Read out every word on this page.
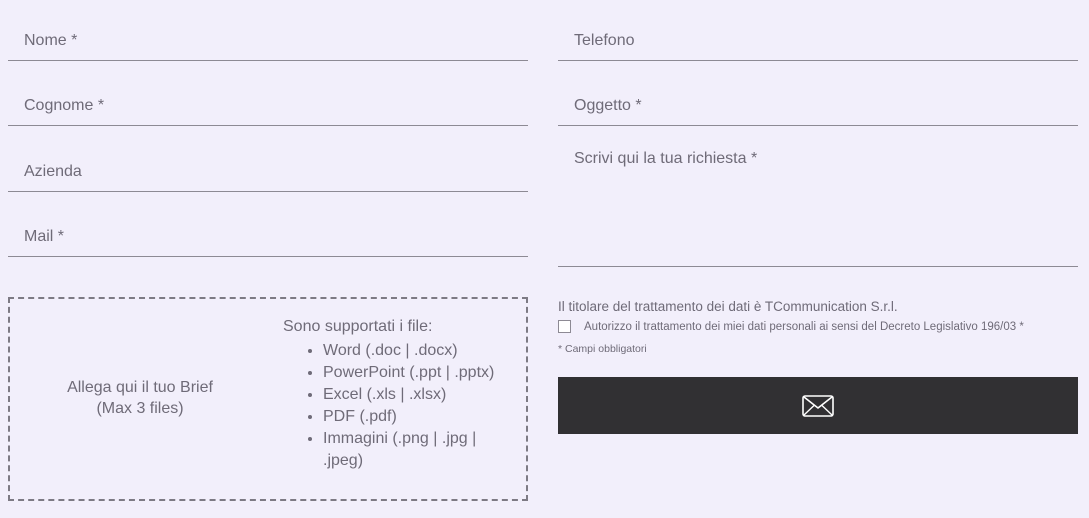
Nome *
Cognome *
Azienda
Mail *
Telefono
Oggetto *
Scrivi qui la tua richiesta *
Allega qui il tuo Brief
(Max 3 files)
Sono supportati i file:
• Word (.doc | .docx)
• PowerPoint (.ppt | .pptx)
• Excel (.xls | .xlsx)
• PDF (.pdf)
• Immagini (.png | .jpg | .jpeg)
Il titolare del trattamento dei dati è TCommunication S.r.l.
Autorizzo il trattamento dei miei dati personali ai sensi del Decreto Legislativo 196/03 *
* Campi obbligatori
